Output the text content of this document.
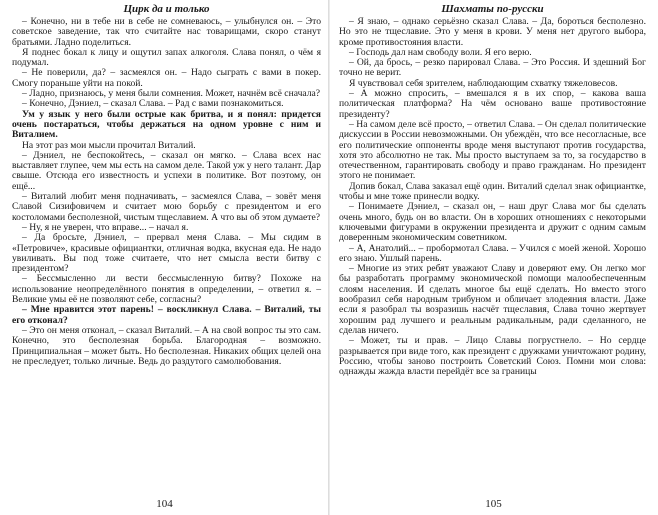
Цирк да и только

– Конечно, ни в тебе ни в себе не сомневаюсь, – улыбнулся он. – Это советское заведение, так что считайте нас товарищами, скоро станут братьями. Ладно поделиться.

Я поднес бокал к лицу и ощутил запах алкоголя. Слава понял, о чём я подумал.

– Не поверили, да? – засмеялся он. – Надо сыграть с вами в покер. Смогу пораньше уйти на покой.

– Ладно, признаюсь, у меня были сомнения. Может, начнём всё сначала?

– Конечно, Дэниел, – сказал Слава. – Рад с вами познакомиться.

Ум у язык у него были острые как бритва, и я понял: придется очень постараться, чтобы держаться на одном уровне с ним и Виталием.

На этот раз мои мысли прочитал Виталий.

– Дэниел, не беспокойтесь, – сказал он мягко. – Слава всех нас выставляет глупее, чем мы есть на самом деле. Такой уж у него талант. Дар свыше. Отсюда его известность и успехи в политике. Вот поэтому, он ещё...

– Виталий любит меня подначивать, – засмеялся Слава, – зовёт меня Славой Сизифовичем и считает мою борьбу с президентом и его костоломами бесполезной, чистым тщеславием. А что вы об этом думаете?

– Ну, я не уверен, что вправе... – начал я.

– Да бросьте, Дэниел, – прервал меня Слава. – Мы сидим в «Петровиче», красивые официантки, отличная водка, вкусная еда. Не надо увиливать. Вы под тоже считаете, что нет смысла вести битву с президентом?

– Бессмысленно ли вести бессмысленную битву? Похоже на использование неопределённого понятия в определении, – ответил я. – Великие умы её не позволяют себе, согласны?

– Мне нравится этот парень! – воскликнул Слава. – Виталий, ты его отконал?

– Это он меня отконал, – сказал Виталий. – А на свой вопрос ты это сам. Конечно, это бесполезная борьба. Благородная – возможно. Принципиальная – может быть. Но бесполезная. Никаких общих целей она не преследует, только личные. Ведь до раздутого самолюбования.

104
Шахматы по-русски

– Я знаю, – однако серьёзно сказал Слава. – Да, бороться бесполезно. Но это не тщеславие. Это у меня в крови. У меня нет другого выбора, кроме противостояния власти.

– Господь дал нам свободу воли. Я его верю.

– Ой, да брось, – резко парировал Слава. – Это Россия. И здешний Бог точно не верит.

Я чувствовал себя зрителем, наблюдающим схватку тяжеловесов.

– А можно спросить, – вмешался я в их спор, – какова ваша политическая платформа? На чём основано ваше противостояние президенту?

– На самом деле всё просто, – ответил Слава. – Он сделал политические дискуссии в России невозможными. Он убеждён, что все несогласные, все его политические оппоненты вроде меня выступают против государства, хотя это абсолютно не так. Мы просто выступаем за то, за государство в отечественном, гарантировать свободу и право гражданам. Но президент этого не понимает.

Допив бокал, Слава заказал ещё один. Виталий сделал знак официантке, чтобы и мне тоже принесли водку.

– Понимаете Дэниел, – сказал он, – наш друг Слава мог бы сделать очень много, будь он во власти. Он в хороших отношениях с некоторыми ключевыми фигурами в окружении президента и дружит с одним самым доверенным экономическим советником.

– А, Анатолий... – пробормотал Слава. – Учился с моей женой. Хорошо его знаю. Ушлый парень.

– Многие из этих ребят уважают Славу и доверяют ему. Он легко мог бы разработать программу экономической помощи малообеспеченным слоям населения. И сделать многое бы ещё сделать. Но вместо этого вообразил себя народным трибуном и обличает злодеяния власти. Даже если я разобрал ты возразишь насчёт тщеславия, Слава точно жертвует хорошим рад лучшего и реальным радикальным, ради сделанного, не сделав ничего.

– Может, ты и прав. – Лицо Славы погрустнело. – Но сердце разрывается при виде того, как президент с дружками уничтожают родину, Россию, чтобы заново построить Советский Союз. Помни мои слова: однажды жажда власти перейдёт все за границы

105
